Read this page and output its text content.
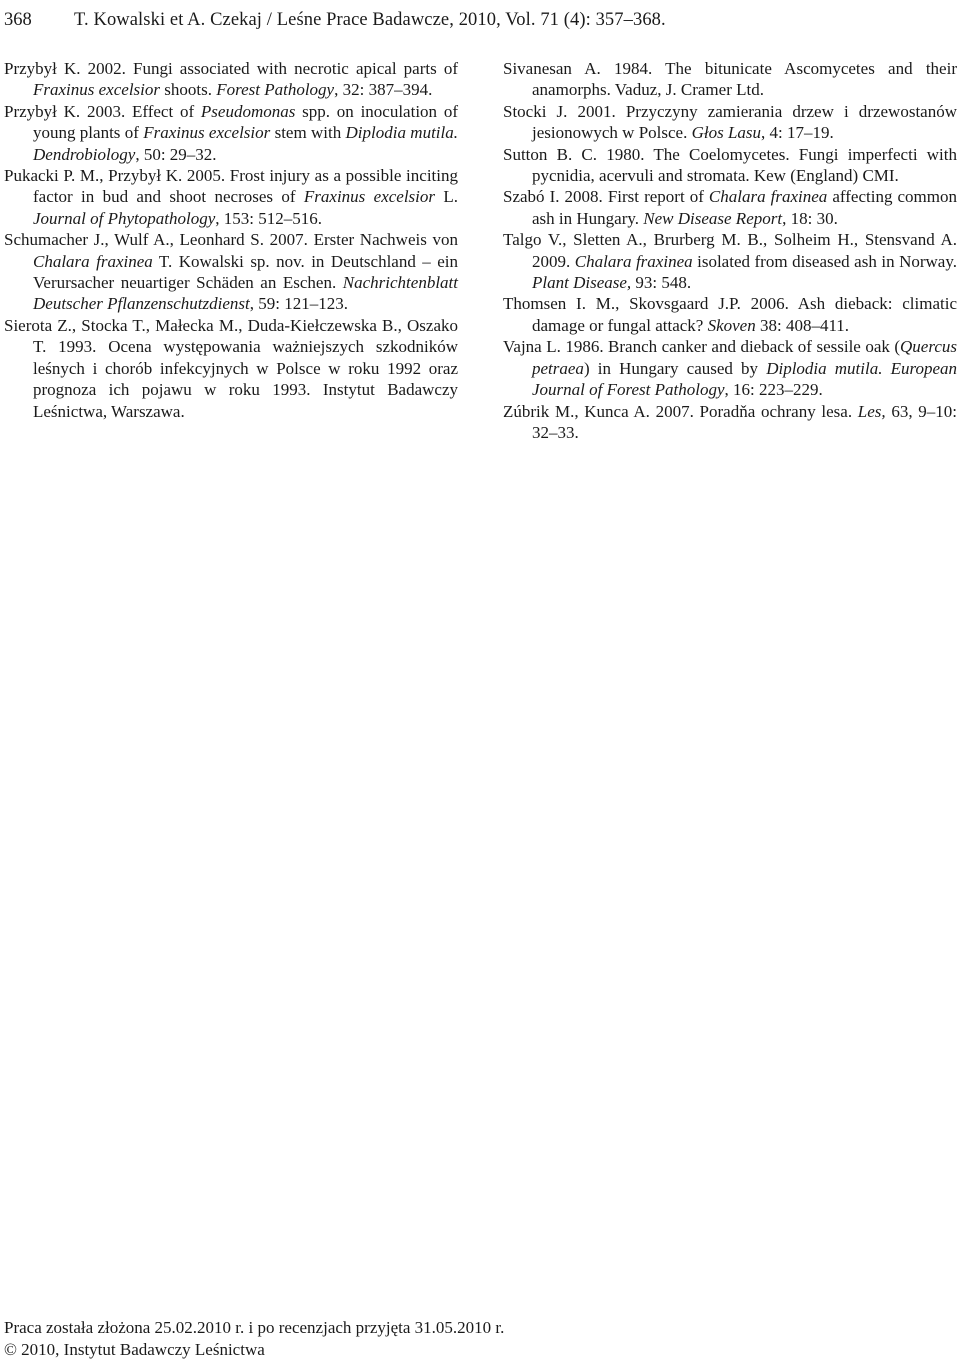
368 T. Kowalski et A. Czekaj / Leśne Prace Badawcze, 2010, Vol. 71 (4): 357–368.

Przybył K. 2002. Fungi associated with necrotic apical parts of Fraxinus excelsior shoots. Forest Pathology, 32: 387–394.

Przybył K. 2003. Effect of Pseudomonas spp. on inoculation of young plants of Fraxinus excelsior stem with Diplodia mutila. Dendrobiology, 50: 29–32.

Pukacki P. M., Przybył K. 2005. Frost injury as a possible inciting factor in bud and shoot necroses of Fraxinus excelsior L. Journal of Phytopathology, 153: 512–516.

Schumacher J., Wulf A., Leonhard S. 2007. Erster Nachweis von Chalara fraxinea T. Kowalski sp. nov. in Deutschland – ein Verursacher neuartiger Schäden an Eschen. Nachrichtenblatt Deutscher Pflanzenschutzdienst, 59: 121–123.

Sierota Z., Stocka T., Małecka M., Duda-Kiełczewska B., Oszako T. 1993. Ocena występowania ważniejszych szkodników leśnych i chorób infekcyjnych w Polsce w roku 1992 oraz prognoza ich pojawu w roku 1993. Instytut Badawczy Leśnictwa, Warszawa.

Sivanesan A. 1984. The bitunicate Ascomycetes and their anamorphs. Vaduz, J. Cramer Ltd.

Stocki J. 2001. Przyczyny zamierania drzew i drzewostanów jesionowych w Polsce. Głos Lasu, 4: 17–19.

Sutton B. C. 1980. The Coelomycetes. Fungi imperfecti with pycnidia, acervuli and stromata. Kew (England) CMI.

Szabó I. 2008. First report of Chalara fraxinea affecting common ash in Hungary. New Disease Report, 18: 30.

Talgo V., Sletten A., Brurberg M. B., Solheim H., Stensvand A. 2009. Chalara fraxinea isolated from diseased ash in Norway. Plant Disease, 93: 548.

Thomsen I. M., Skovsgaard J.P. 2006. Ash dieback: climatic damage or fungal attack? Skoven 38: 408–411.

Vajna L. 1986. Branch canker and dieback of sessile oak (Quercus petraea) in Hungary caused by Diplodia mutila. European Journal of Forest Pathology, 16: 223–229.

Zúbrik M., Kunca A. 2007. Poradňa ochrany lesa. Les, 63, 9–10: 32–33.

Praca została złożona 25.02.2010 r. i po recenzjach przyjęta 31.05.2010 r.
© 2010, Instytut Badawczy Leśnictwa
